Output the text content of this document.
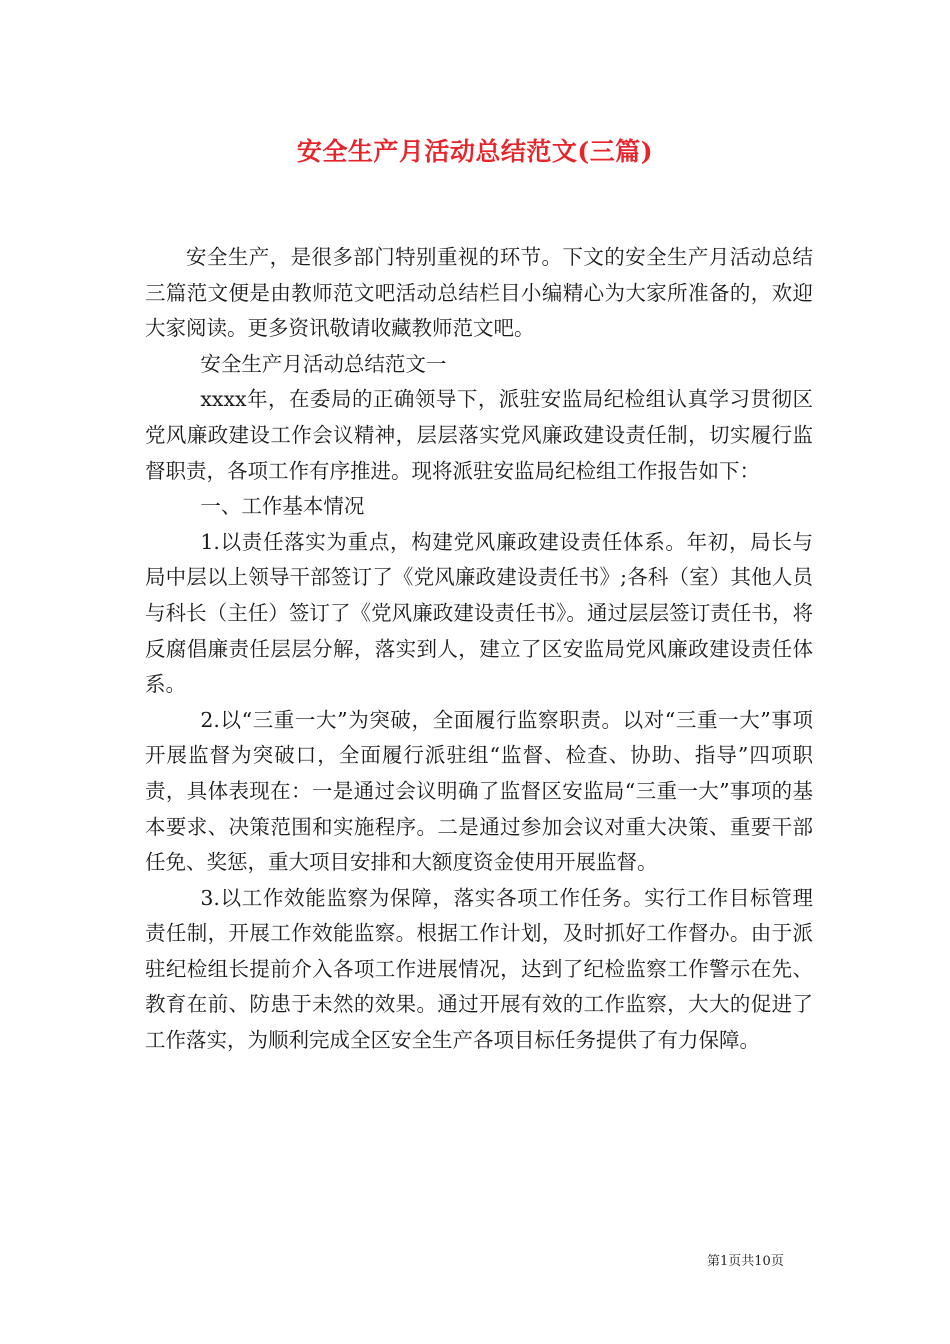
安全生产月活动总结范文(三篇)

安全生产，是很多部门特别重视的环节。下文的安全生产月活动总结三篇范文便是由教师范文吧活动总结栏目小编精心为大家所准备的，欢迎大家阅读。更多资讯敬请收藏教师范文吧。

安全生产月活动总结范文一

xxxx年，在委局的正确领导下，派驻安监局纪检组认真学习贯彻区党风廉政建设工作会议精神，层层落实党风廉政建设责任制，切实履行监督职责，各项工作有序推进。现将派驻安监局纪检组工作报告如下：

一、工作基本情况

1.以责任落实为重点，构建党风廉政建设责任体系。年初，局长与局中层以上领导干部签订了《党风廉政建设责任书》;各科（室）其他人员与科长（主任）签订了《党风廉政建设责任书》。通过层层签订责任书，将反腐倡廉责任层层分解，落实到人，建立了区安监局党风廉政建设责任体系。

2.以“三重一大”为突破，全面履行监察职责。以对“三重一大”事项开展监督为突破口，全面履行派驻组“监督、检查、协助、指导”四项职责，具体表现在：一是通过会议明确了监督区安监局“三重一大”事项的基本要求、决策范围和实施程序。二是通过参加会议对重大决策、重要干部任免、奖惩，重大项目安排和大额度资金使用开展监督。

3.以工作效能监察为保障，落实各项工作任务。实行工作目标管理责任制，开展工作效能监察。根据工作计划，及时抓好工作督办。由于派驻纪检组长提前介入各项工作进展情况，达到了纪检监察工作警示在先、教育在前、防患于未然的效果。通过开展有效的工作监察，大大的促进了工作落实，为顺利完成全区安全生产各项目标任务提供了有力保障。

第1页共10页
